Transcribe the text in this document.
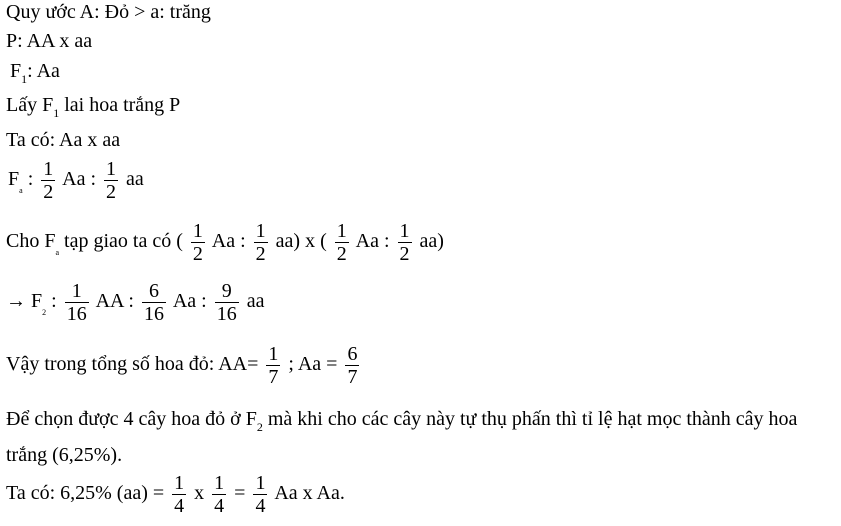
Quy ước A: Đỏ > a: trăng
P: AA x aa
$F_1$: Aa
Lấy $F_1$ lai hoa trắng P
Ta có: Aa x aa
$F_a$ : $\frac{1}{2}$ Aa : $\frac{1}{2}$ aa
Cho $F_a$ tạp giao ta có ( $\frac{1}{2}$ Aa : $\frac{1}{2} aa$) x ( $\frac{1}{2}$ Aa : $\frac{1}{2} aa$)
→ $F_2$ : $\frac{1}{16}$ AA : $\frac{6}{16}$ Aa : $\frac{9}{16}$ aa
Vậy trong tổng số hoa đỏ: $AA= \frac{1}{7}$ ; $Aa = \frac{6}{7}$
Để chọn được 4 cây hoa đỏ ở $F_2$ mà khi cho các cây này tự thụ phấn thì tỉ lệ hạt mọc thành cây hoa trắng (6,25%).
Ta có: 6,25% $(aa) = \frac{1}{4}$ x $\frac{1}{4} = \frac{1}{4}$ Aa x Aa.
